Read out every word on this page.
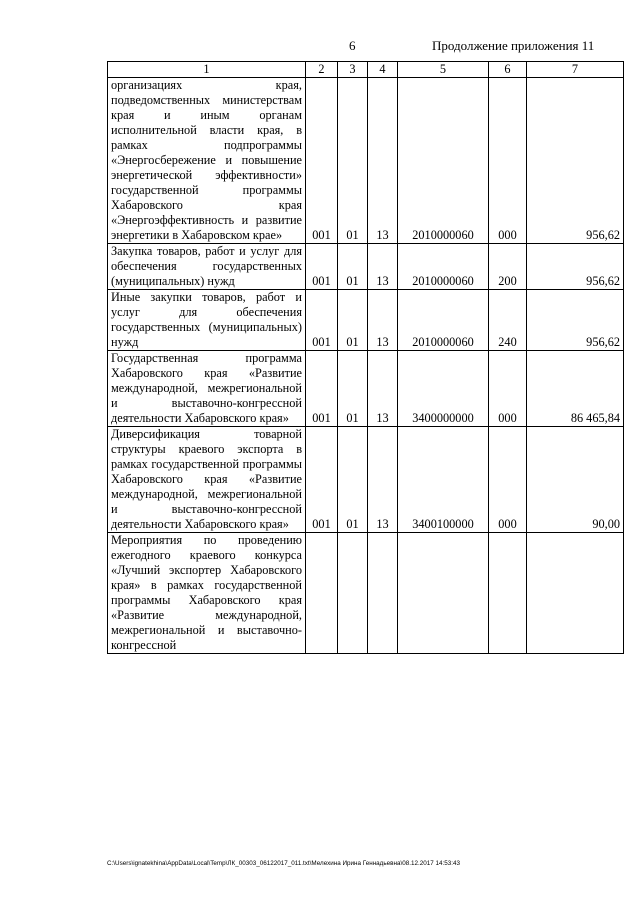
6	Продолжение приложения 11
1	2	3	4	5	6	7
организациях края, подведомственных министерствам края и иным органам исполнительной власти края, в рамках подпрограммы «Энергосбережение и повышение энергетической эффективности» государственной программы Хабаровского края «Энергоэффективность и развитие энергетики в Хабаровском крае»	001	01	13	2010000060	000	956,62
Закупка товаров, работ и услуг для обеспечения государственных (муниципальных) нужд	001	01	13	2010000060	200	956,62
Иные закупки товаров, работ и услуг для обеспечения государственных (муниципальных) нужд	001	01	13	2010000060	240	956,62
Государственная программа Хабаровского края «Развитие международной, межрегиональной и выставочно-конгрессной деятельности Хабаровского края»	001	01	13	3400000000	000	86 465,84
Диверсификация товарной структуры краевого экспорта в рамках государственной программы Хабаровского края «Развитие международной, межрегиональной и выставочно-конгрессной деятельности Хабаровского края»	001	01	13	3400100000	000	90,00
Мероприятия по проведению ежегодного краевого конкурса «Лучший экспортер Хабаровского края» в рамках государственной программы Хабаровского края «Развитие международной, межрегиональной и выставочно-конгрессной						
C:\Users\ignatekhina\AppData\Local\Temp\ЛК_00303_06122017_011.txt\Мелехина Ирина Геннадьевна\08.12.2017 14:53:43
